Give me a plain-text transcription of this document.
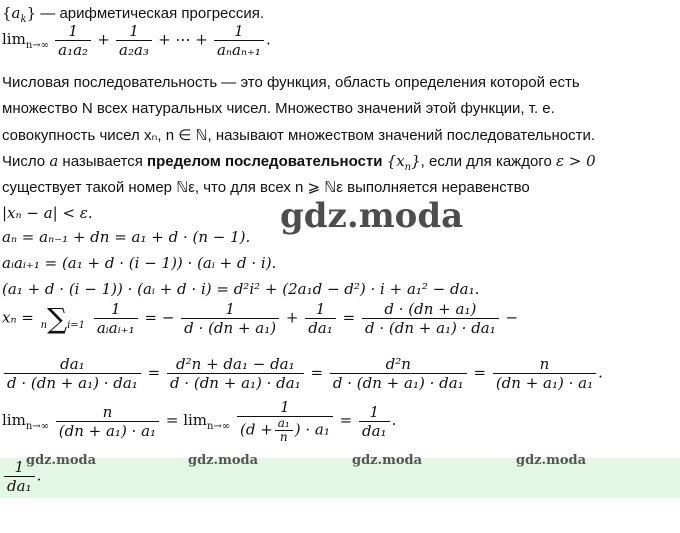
$\{a_k\}$ — арифметическая прогрессия.
$\lim_{n\to\infty} \frac{1}{\text{a₁a₂}} + \frac{1}{\text{a₂a₃}}$ + ⋯ + $\frac{1}{\text{aₙaₙ₊₁}}$ .
Числовая последовательность — это функция, область определения которой есть
множество N всех натуральных чисел. Множество значений этой функции, т. е.
совокупность чисел xₙ, n ∈ ℕ, называют множеством значений последовательности.
Число a называется пределом последовательности $\{x_n\}$, если для каждого ε > 0
существует такой номер ℕε, что для всех n ⩾ ℕε выполняется неравенство
|xₙ − a| < ε.	gdz.moda
aₙ = aₙ₋₁ + dn = a₁ + d · (n − 1).
aᵢaᵢ₊₁ = (a₁ + d · (i − 1)) · (aᵢ + d · i).
(a₁ + d · (i − 1)) · (aᵢ + d · i) = d²i² + (2a₁d − d²) · i + a₁² − da₁.
$x_n = n\sum i=1 \frac{1}{\text{aᵢaᵢ₊₁}}$ = − $\frac{1}{\text{d · (dn + a₁)}} + \frac{1}{\text{da₁}} = \frac{\text{d · (dn + a₁)}}{\text{d · (dn + a₁) · da₁}}$ −
$\frac{\text{da₁}}{\text{d · (dn + a₁) · da₁}} = \frac{\text{d²n + da₁ − da₁}}{\text{d · (dn + a₁) · da₁}} = \frac{\text{d²n}}{\text{d · (dn + a₁) · da₁}} = \frac{n}{\text{(dn + a₁) · a₁}}$ .
$\lim_{n\to\infty} \frac{n}{\text{(dn + a₁) · a₁}} = \lim_{n\to\infty} \frac{1}{(d + \frac{\text{a₁}}{n} ) \cdot a_1} = \frac{1}{\text{da₁}}$ .
gdz.moda	gdz.moda	gdz.moda	gdz.moda
$\frac{1}{\text{da₁}}$ .
